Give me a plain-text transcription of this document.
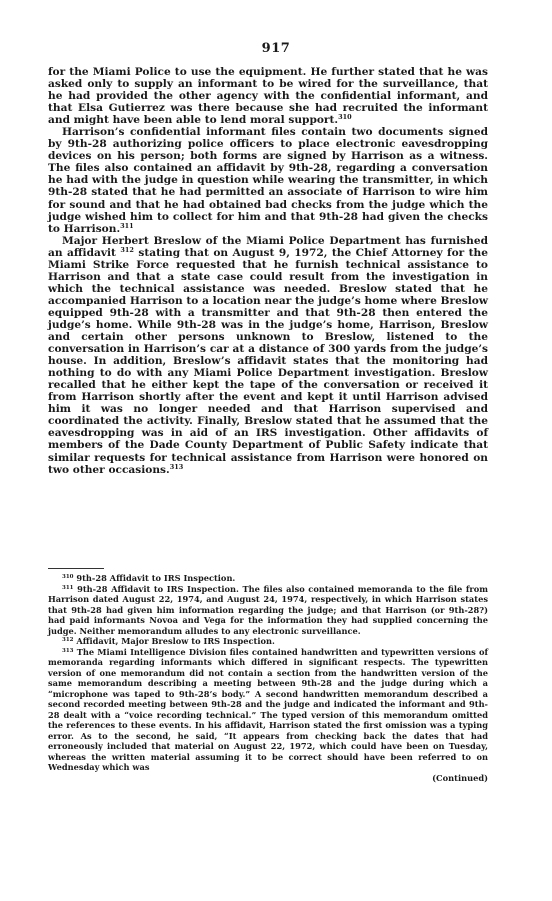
917

for the Miami Police to use the equipment. He further stated that he was asked only to supply an informant to be wired for the surveillance, that he had provided the other agency with the confidential informant, and that Elsa Gutierrez was there because she had recruited the informant and might have been able to lend moral support.$^{310}$

Harrison’s confidential informant files contain two documents signed by 9th-28 authorizing police officers to place electronic eavesdropping devices on his person; both forms are signed by Harrison as a witness. The files also contained an affidavit by 9th-28, regarding a conversation he had with the judge in question while wearing the transmitter, in which 9th-28 stated that he had permitted an associate of Harrison to wire him for sound and that he had obtained bad checks from the judge which the judge wished him to collect for him and that 9th-28 had given the checks to Harrison.$^{311}$

Major Herbert Breslow of the Miami Police Department has furnished an affidavit $^{312}$ stating that on August 9, 1972, the Chief Attorney for the Miami Strike Force requested that he furnish technical assistance to Harrison and that a state case could result from the investigation in which the technical assistance was needed. Breslow stated that he accompanied Harrison to a location near the judge’s home where Breslow equipped 9th-28 with a transmitter and that 9th-28 then entered the judge’s home. While 9th-28 was in the judge’s home, Harrison, Breslow and certain other persons unknown to Breslow, listened to the conversation in Harrison’s car at a distance of 300 yards from the judge’s house. In addition, Breslow’s affidavit states that the monitoring had nothing to do with any Miami Police Department investigation. Breslow recalled that he either kept the tape of the conversation or received it from Harrison shortly after the event and kept it until Harrison advised him it was no longer needed and that Harrison supervised and coordinated the activity. Finally, Breslow stated that he assumed that the eavesdropping was in aid of an IRS investigation. Other affidavits of members of the Dade County Department of Public Safety indicate that similar requests for technical assistance from Harrison were honored on two other occasions.$^{313}$

$^{310}$ 9th-28 Affidavit to IRS Inspection.

$^{311}$ 9th-28 Affidavit to IRS Inspection. The files also contained memoranda to the file from Harrison dated August 22, 1974, and August 24, 1974, respectively, in which Harrison states that 9th-28 had given him information regarding the judge; and that Harrison (or 9th-28?) had paid informants Novoa and Vega for the information they had supplied concerning the judge. Neither memorandum alludes to any electronic surveillance.

$^{312}$ Affidavit, Major Breslow to IRS Inspection.

$^{313}$ The Miami Intelligence Division files contained handwritten and typewritten versions of memoranda regarding informants which differed in significant respects. The typewritten version of one memorandum did not contain a section from the handwritten version of the same memorandum describing a meeting between 9th-28 and the judge during which a “microphone was taped to 9th-28’s body.” A second handwritten memorandum described a second recorded meeting between 9th-28 and the judge and indicated the informant and 9th-28 dealt with a “voice recording technical.” The typed version of this memorandum omitted the references to these events. In his affidavit, Harrison stated the first omission was a typing error. As to the second, he said, “It appears from checking back the dates that had erroneously included that material on August 22, 1972, which could have been on Tuesday, whereas the written material assuming it to be correct should have been referred to on Wednesday which was

(Continued)
